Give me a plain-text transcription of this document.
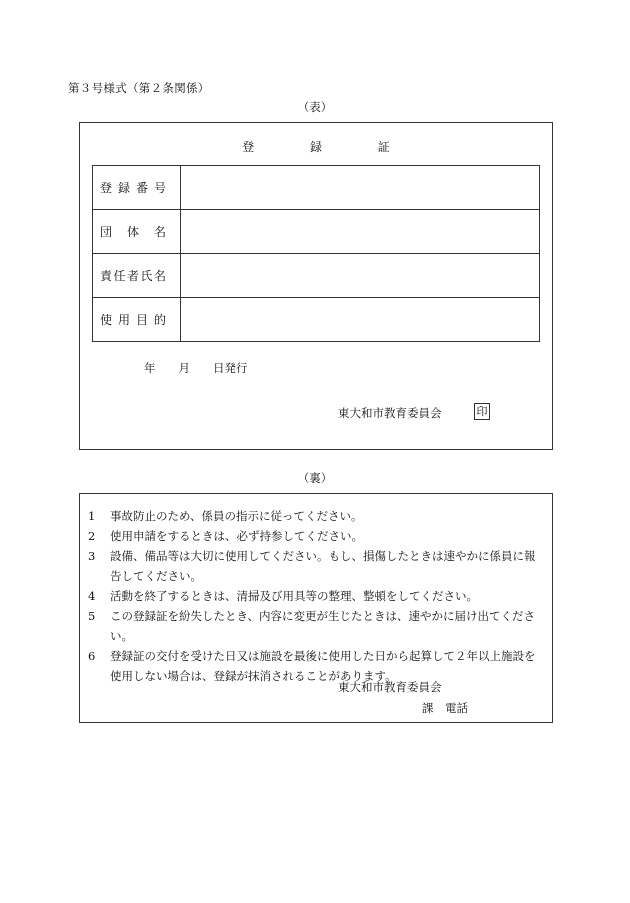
第３号様式（第２条関係）
（表）
登 録 証
登 録 番 号	

団 体 名	

責 任 者 氏 名	

使 用 目 的	

年　　月　　日発行
東大和市教育委員会	印
（裏）
1	事故防止のため、係員の指示に従ってください。
2	使用申請をするときは、必ず持参してください。
3	設備、備品等は大切に使用してください。もし、損傷したときは速やかに係員に報告してください。
4	活動を終了するときは、清掃及び用具等の整理、整頓をしてください。
5	この登録証を紛失したとき、内容に変更が生じたときは、速やかに届け出てください。
6	登録証の交付を受けた日又は施設を最後に使用した日から起算して２年以上施設を使用しない場合は、登録が抹消されることがあります。
東大和市教育委員会
課　電話
